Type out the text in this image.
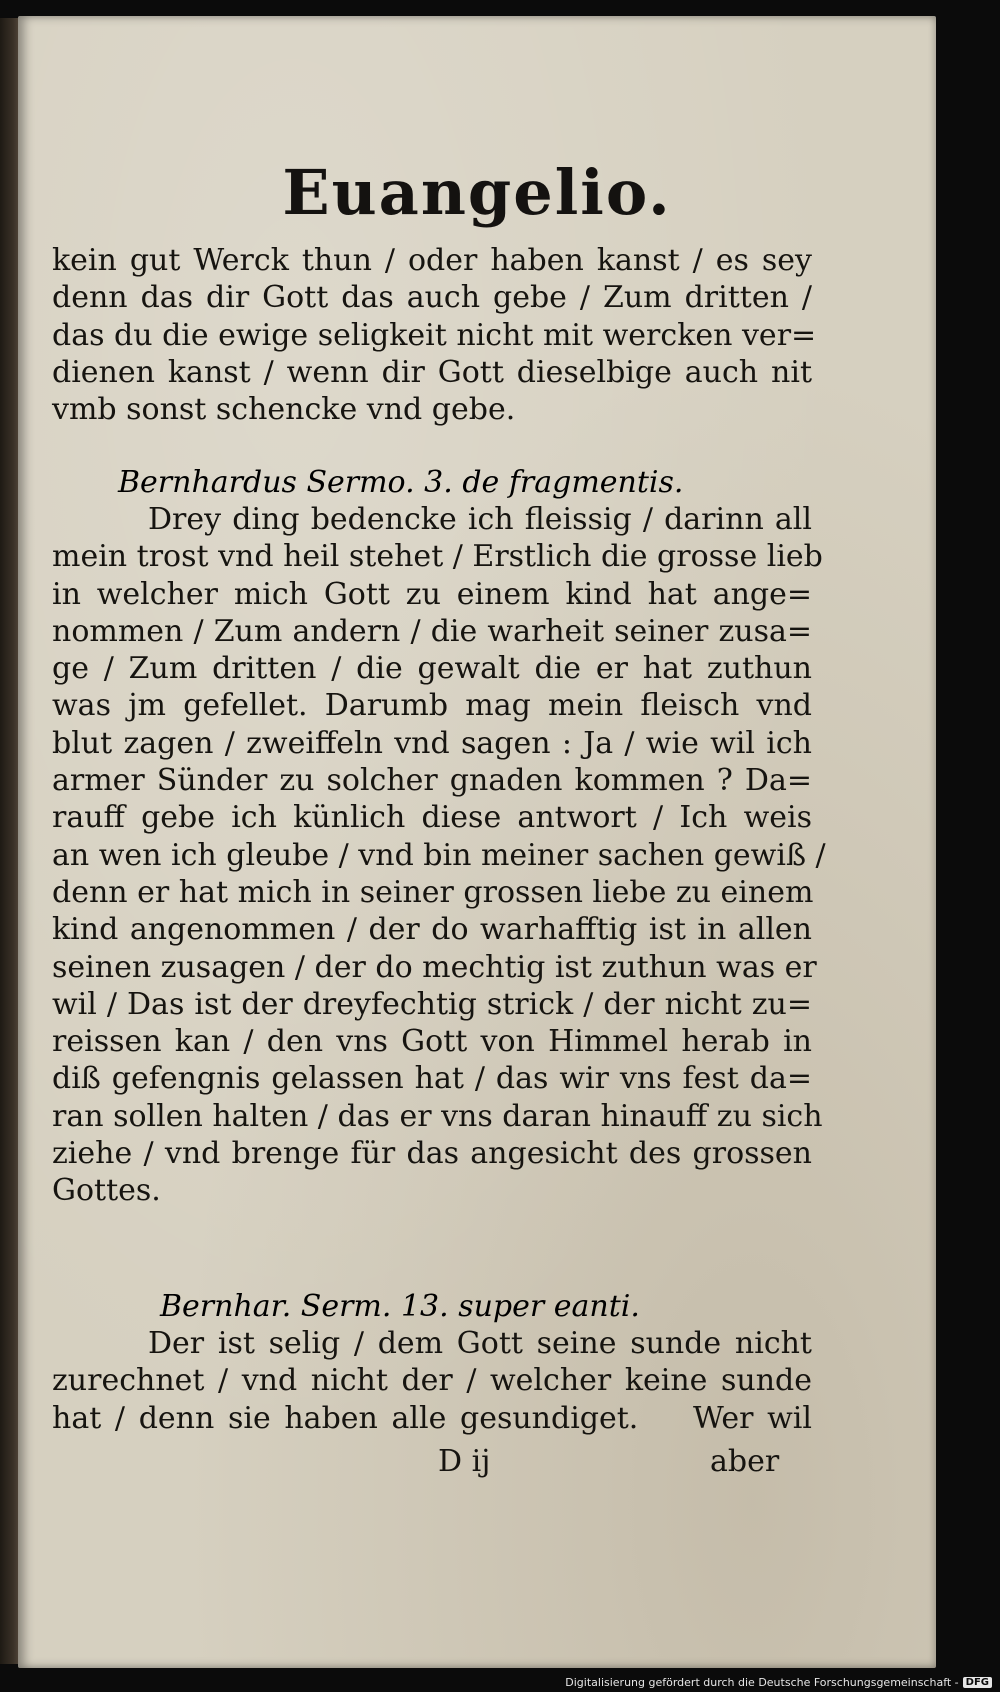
Euangelio.
kein gut Werck thun / oder haben kanst / es sey
denn das dir Gott das auch gebe / Zum dritten /
das du die ewige seligkeit nicht mit wercken ver=
dienen kanst / wenn dir Gott dieselbige auch nit
vmb sonst schencke vnd gebe.
Bernhardus Sermo. 3. de fragmentis.
Drey ding bedencke ich fleissig / darinn all
mein trost vnd heil stehet / Erstlich die grosse lieb
in welcher mich Gott zu einem kind hat ange=
nommen / Zum andern / die warheit seiner zusa=
ge / Zum dritten / die gewalt die er hat zuthun
was jm gefellet. Darumb mag mein fleisch vnd
blut zagen / zweiffeln vnd sagen : Ja / wie wil ich
armer Sünder zu solcher gnaden kommen ? Da=
rauff gebe ich künlich diese antwort / Ich weis
an wen ich gleube / vnd bin meiner sachen gewiß /
denn er hat mich in seiner grossen liebe zu einem
kind angenommen / der do warhafftig ist in allen
seinen zusagen / der do mechtig ist zuthun was er
wil / Das ist der dreyfechtig strick / der nicht zu=
reissen kan / den vns Gott von Himmel herab in
diß gefengnis gelassen hat / das wir vns fest da=
ran sollen halten / das er vns daran hinauff zu sich
ziehe / vnd brenge für das angesicht des grossen
Gottes.
Bernhar. Serm. 13. super eanti.
Der ist selig / dem Gott seine sunde nicht
zurechnet / vnd nicht der / welcher keine sunde
hat / denn sie haben alle gesundiget.    Wer wil
D ij	aber
Digitalisierung gefördert durch die Deutsche Forschungsgemeinschaft - DFG
